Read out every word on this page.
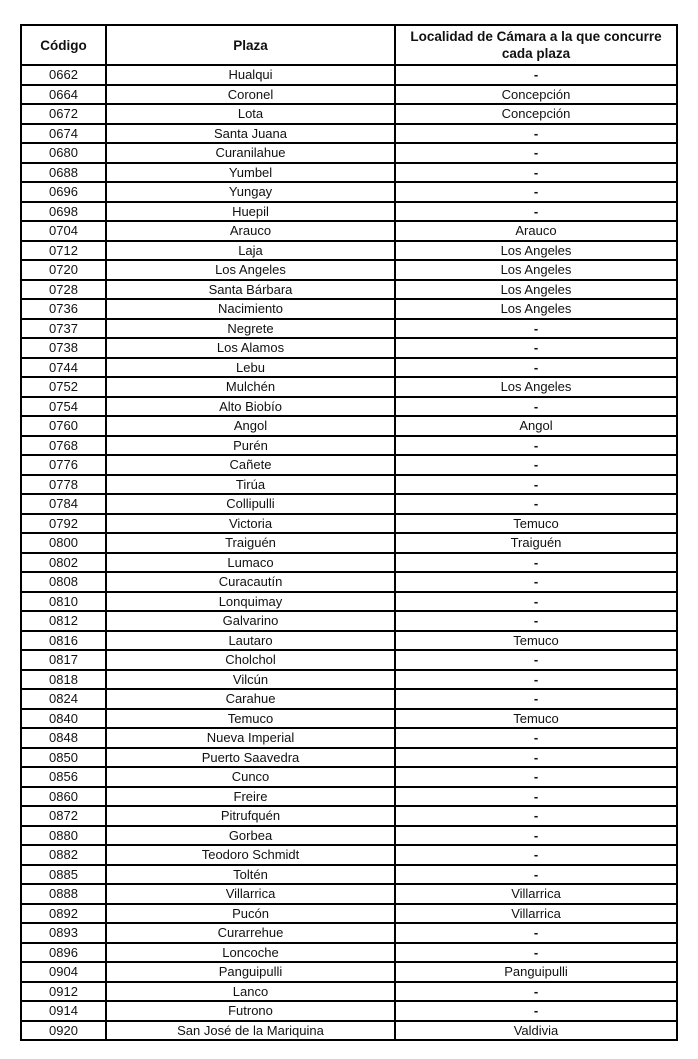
Código	Plaza	Localidad de Cámara a la que concurre cada plaza
0662	Hualqui	-
0664	Coronel	Concepción
0672	Lota	Concepción
0674	Santa Juana	-
0680	Curanilahue	-
0688	Yumbel	-
0696	Yungay	-
0698	Huepil	-
0704	Arauco	Arauco
0712	Laja	Los Angeles
0720	Los Angeles	Los Angeles
0728	Santa Bárbara	Los Angeles
0736	Nacimiento	Los Angeles
0737	Negrete	-
0738	Los Alamos	-
0744	Lebu	-
0752	Mulchén	Los Angeles
0754	Alto Biobío	-
0760	Angol	Angol
0768	Purén	-
0776	Cañete	-
0778	Tirúa	-
0784	Collipulli	-
0792	Victoria	Temuco
0800	Traiguén	Traiguén
0802	Lumaco	-
0808	Curacautín	-
0810	Lonquimay	-
0812	Galvarino	-
0816	Lautaro	Temuco
0817	Cholchol	-
0818	Vilcún	-
0824	Carahue	-
0840	Temuco	Temuco
0848	Nueva Imperial	-
0850	Puerto Saavedra	-
0856	Cunco	-
0860	Freire	-
0872	Pitrufquén	-
0880	Gorbea	-
0882	Teodoro Schmidt	-
0885	Toltén	-
0888	Villarrica	Villarrica
0892	Pucón	Villarrica
0893	Curarrehue	-
0896	Loncoche	-
0904	Panguipulli	Panguipulli
0912	Lanco	-
0914	Futrono	-
0920	San José de la Mariquina	Valdivia
